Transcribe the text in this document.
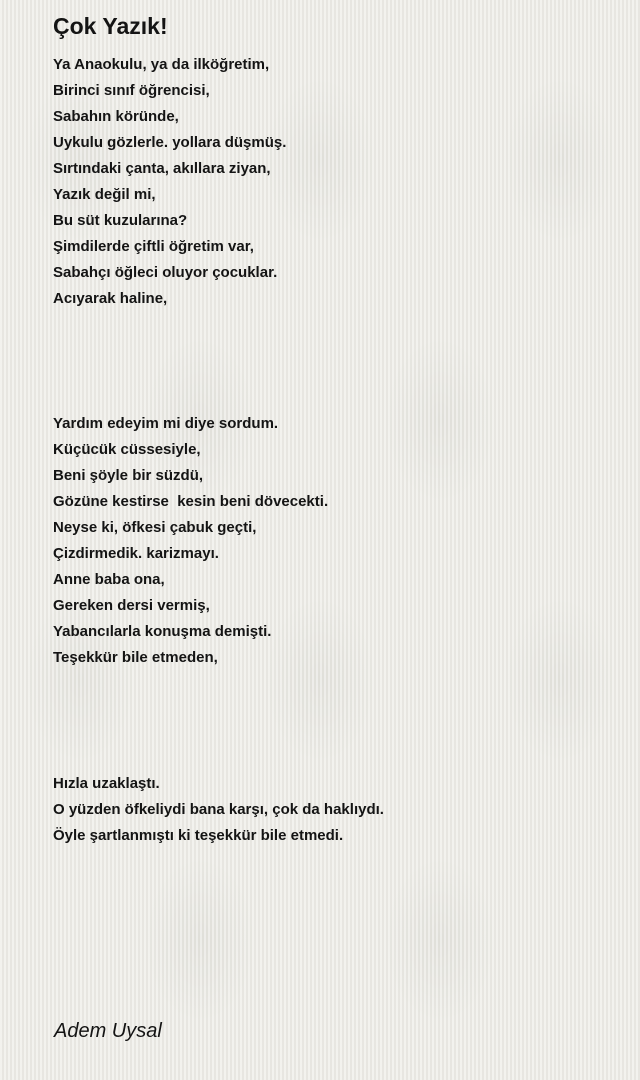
Çok Yazık!
Ya Anaokulu, ya da ilköğretim,
Birinci sınıf öğrencisi,
Sabahın köründe,
Uykulu gözlerle. yollara düşmüş.
Sırtındaki çanta, akıllara ziyan,
Yazık değil mi,
Bu süt kuzularına?
Şimdilerde çiftli öğretim var,
Sabahçı öğleci oluyor çocuklar.
Acıyarak haline,
Yardım edeyim mi diye sordum.
Küçücük cüssesiyle,
Beni şöyle bir süzdü,
Gözüne kestirse  kesin beni dövecekti.
Neyse ki, öfkesi çabuk geçti,
Çizdirmedik. karizmayı.
Anne baba ona,
Gereken dersi vermiş,
Yabancılarla konuşma demişti.
Teşekkür bile etmeden,
Hızla uzaklaştı.
O yüzden öfkeliydi bana karşı, çok da haklıydı.
Öyle şartlanmıştı ki teşekkür bile etmedi.
Adem Uysal
